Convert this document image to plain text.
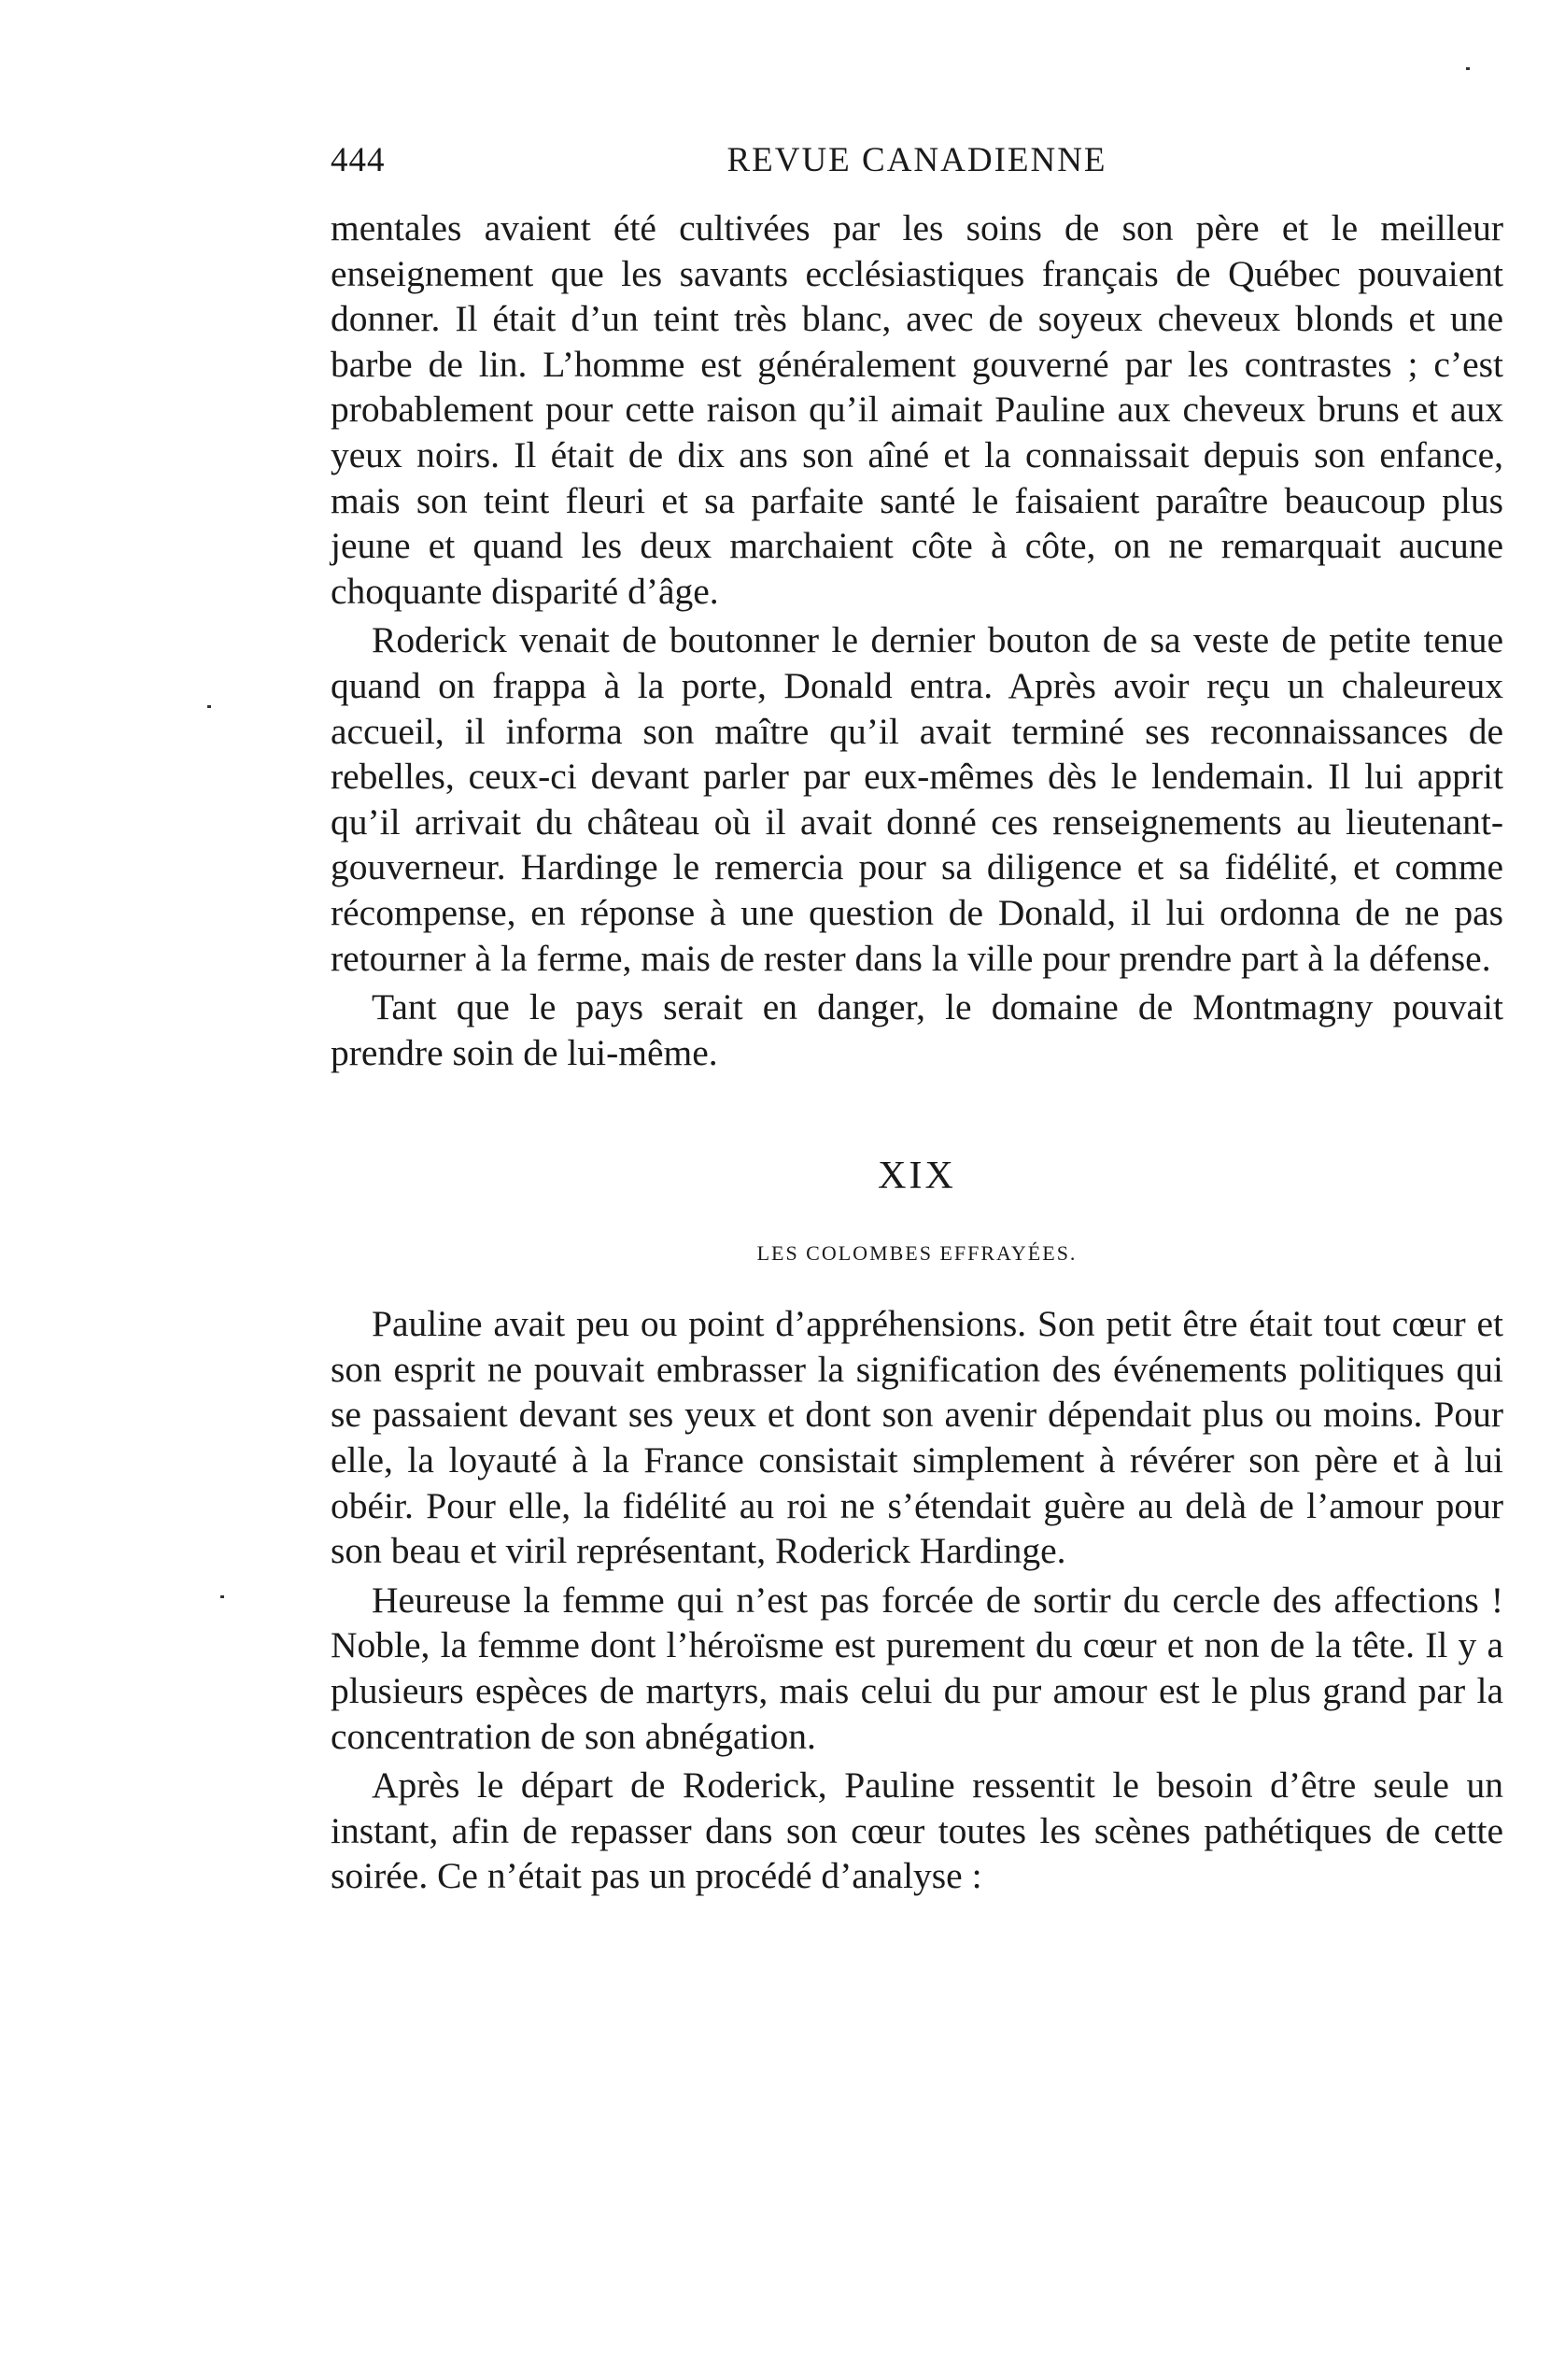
444	REVUE CANADIENNE

mentales avaient été cultivées par les soins de son père et le meilleur enseignement que les savants ecclésiastiques français de Québec pouvaient donner. Il était d’un teint très blanc, avec de soyeux cheveux blonds et une barbe de lin. L’homme est généralement gouverné par les contrastes ; c’est probablement pour cette raison qu’il aimait Pauline aux cheveux bruns et aux yeux noirs. Il était de dix ans son aîné et la connaissait depuis son enfance, mais son teint fleuri et sa parfaite santé le faisaient paraître beaucoup plus jeune et quand les deux marchaient côte à côte, on ne remarquait aucune choquante disparité d’âge.

Roderick venait de boutonner le dernier bouton de sa veste de petite tenue quand on frappa à la porte, Donald entra. Après avoir reçu un chaleureux accueil, il informa son maître qu’il avait terminé ses reconnaissances de rebelles, ceux-ci devant parler par eux-mêmes dès le lendemain. Il lui apprit qu’il arrivait du château où il avait donné ces renseignements au lieutenant-gouverneur. Hardinge le remercia pour sa diligence et sa fidélité, et comme récompense, en réponse à une question de Donald, il lui ordonna de ne pas retourner à la ferme, mais de rester dans la ville pour prendre part à la défense.

Tant que le pays serait en danger, le domaine de Montmagny pouvait prendre soin de lui-même.

XIX
LES COLOMBES EFFRAYÉES.

Pauline avait peu ou point d’appréhensions. Son petit être était tout cœur et son esprit ne pouvait embrasser la signification des événements politiques qui se passaient devant ses yeux et dont son avenir dépendait plus ou moins. Pour elle, la loyauté à la France consistait simplement à révérer son père et à lui obéir. Pour elle, la fidélité au roi ne s’étendait guère au delà de l’amour pour son beau et viril représentant, Roderick Hardinge.

Heureuse la femme qui n’est pas forcée de sortir du cercle des affections ! Noble, la femme dont l’héroïsme est purement du cœur et non de la tête. Il y a plusieurs espèces de martyrs, mais celui du pur amour est le plus grand par la concentration de son abnégation.

Après le départ de Roderick, Pauline ressentit le besoin d’être seule un instant, afin de repasser dans son cœur toutes les scènes pathétiques de cette soirée. Ce n’était pas un procédé d’analyse :
